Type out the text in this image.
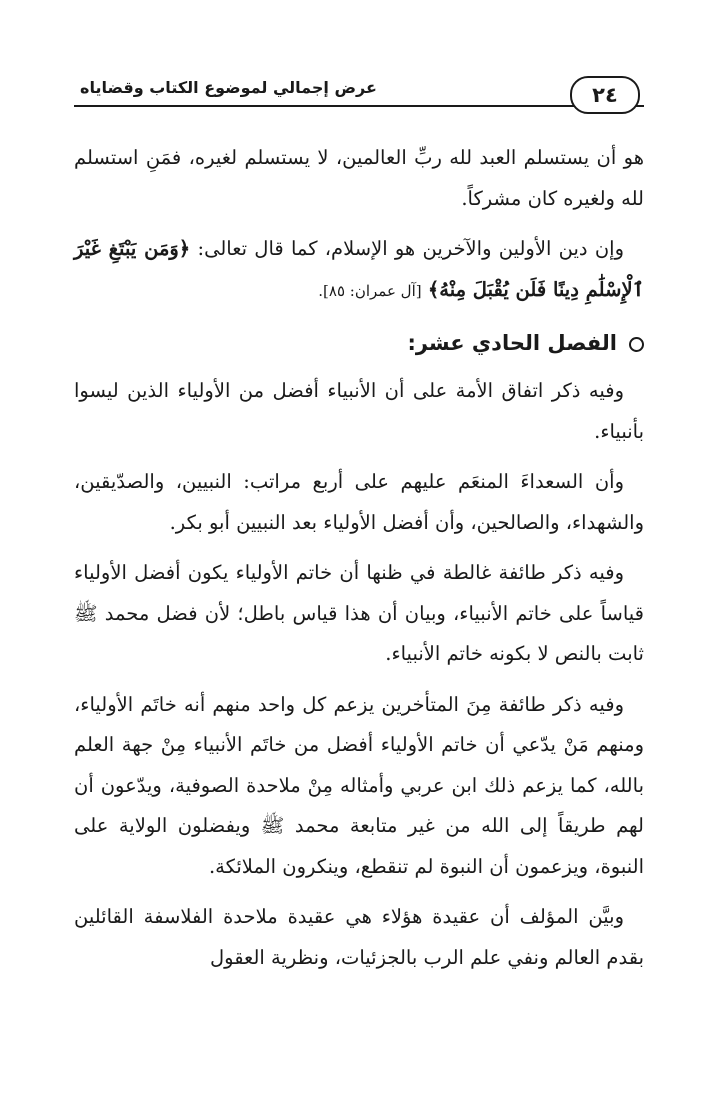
٢٤
عرض إجمالي لموضوع الكتاب وقضاياه

هو أن يستسلم العبد لله ربِّ العالمين، لا يستسلم لغيره، فمَنِ استسلم لله ولغيره كان مشركاً.

وإن دين الأولين والآخرين هو الإسلام، كما قال تعالى: ﴿وَمَن يَبْتَغِ غَيْرَ ٱلْإِسْلَٰمِ دِينًا فَلَن يُقْبَلَ مِنْهُ﴾ [آل عمران: ٨٥].

الفصل الحادي عشر:

وفيه ذكر اتفاق الأمة على أن الأنبياء أفضل من الأولياء الذين ليسوا بأنبياء.

وأن السعداءَ المنعَم عليهم على أربع مراتب: النبيين، والصدّيقين، والشهداء، والصالحين، وأن أفضل الأولياء بعد النبيين أبو بكر.

وفيه ذكر طائفة غالطة في ظنها أن خاتم الأولياء يكون أفضل الأولياء قياساً على خاتم الأنبياء، وبيان أن هذا قياس باطل؛ لأن فضل محمد ﷺ ثابت بالنص لا بكونه خاتم الأنبياء.

وفيه ذكر طائفة مِنَ المتأخرين يزعم كل واحد منهم أنه خاتَم الأولياء، ومنهم مَنْ يدّعي أن خاتم الأولياء أفضل من خاتَم الأنبياء مِنْ جهة العلم بالله، كما يزعم ذلك ابن عربي وأمثاله مِنْ ملاحدة الصوفية، ويدّعون أن لهم طريقاً إلى الله من غير متابعة محمد ﷺ ويفضلون الولاية على النبوة، ويزعمون أن النبوة لم تنقطع، وينكرون الملائكة.

وبيَّن المؤلف أن عقيدة هؤلاء هي عقيدة ملاحدة الفلاسفة القائلين بقدم العالم ونفي علم الرب بالجزئيات، ونظرية العقول
